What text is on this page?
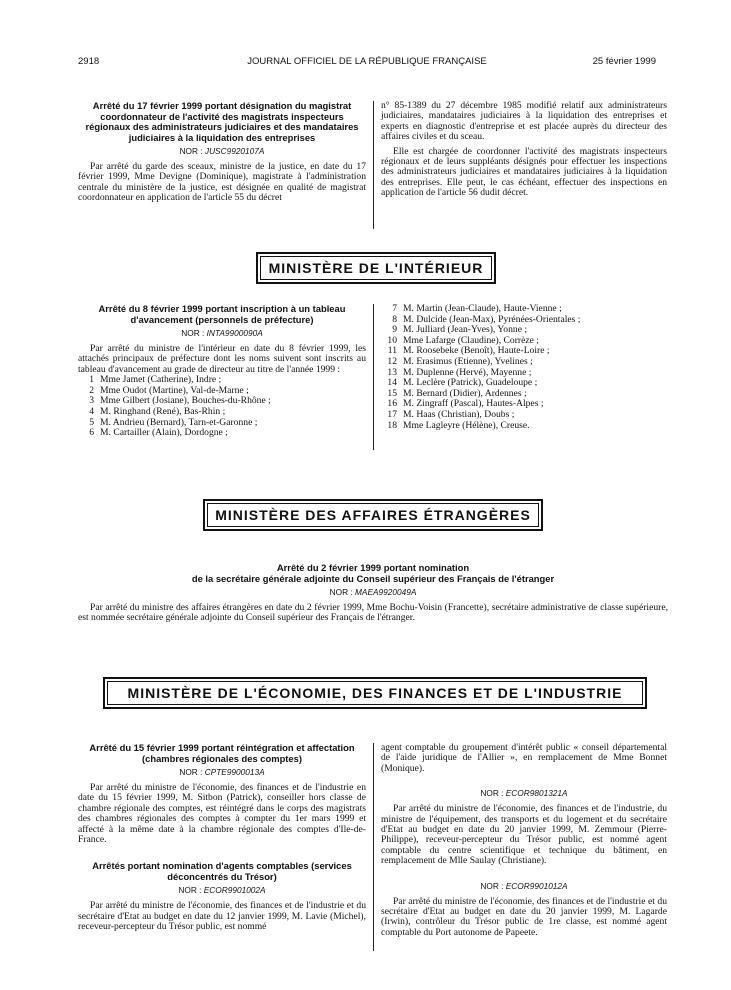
2918	JOURNAL OFFICIEL DE LA RÉPUBLIQUE FRANÇAISE	25 février 1999
Arrêté du 17 février 1999 portant désignation du magistrat coordonnateur de l'activité des magistrats inspecteurs régionaux des administrateurs judiciaires et des mandataires judiciaires à la liquidation des entreprises
NOR : JUSC9920107A

Par arrêté du garde des sceaux, ministre de la justice, en date du 17 février 1999, Mme Devigne (Dominique), magistrate à l'administration centrale du ministère de la justice, est désignée en qualité de magistrat coordonnateur en application de l'article 55 du décret

n° 85-1389 du 27 décembre 1985 modifié relatif aux administrateurs judiciaires, mandataires judiciaires à la liquidation des entreprises et experts en diagnostic d'entreprise et est placée auprès du directeur des affaires civiles et du sceau.

Elle est chargée de coordonner l'activité des magistrats inspecteurs régionaux et de leurs suppléants désignés pour effectuer les inspections des administrateurs judiciaires et mandataires judiciaires à la liquidation des entreprises. Elle peut, le cas échéant, effectuer des inspections en application de l'article 56 dudit décret.

MINISTÈRE DE L'INTÉRIEUR
Arrêté du 8 février 1999 portant inscription à un tableau d'avancement (personnels de préfecture)
NOR : INTA9900090A

Par arrêté du ministre de l'intérieur en date du 8 février 1999, les attachés principaux de préfecture dont les noms suivent sont inscrits au tableau d'avancement au grade de directeur au titre de l'année 1999 :

1 Mme Jamet (Catherine), Indre ;
2 Mme Oudot (Martine), Val-de-Marne ;
3 Mme Gilbert (Josiane), Bouches-du-Rhône ;
4 M. Ringhand (René), Bas-Rhin ;
5 M. Andrieu (Bernard), Tarn-et-Garonne ;
6 M. Cartailler (Alain), Dordogne ;
7 M. Martin (Jean-Claude), Haute-Vienne ;
8 M. Dulcide (Jean-Max), Pyrénées-Orientales ;
9 M. Julliard (Jean-Yves), Yonne ;
10 Mme Lafarge (Claudine), Corrèze ;
11 M. Roosebeke (Benoît), Haute-Loire ;
12 M. Erasimus (Etienne), Yvelines ;
13 M. Duplenne (Hervé), Mayenne ;
14 M. Leclère (Patrick), Guadeloupe ;
15 M. Bernard (Didier), Ardennes ;
16 M. Zingraff (Pascal), Hautes-Alpes ;
17 M. Haas (Christian), Doubs ;
18 Mme Lagleyre (Hélène), Creuse.
MINISTÈRE DES AFFAIRES ÉTRANGÈRES
Arrêté du 2 février 1999 portant nomination
de la secrétaire générale adjointe du Conseil supérieur des Français de l'étranger
NOR : MAEA9920049A

Par arrêté du ministre des affaires étrangères en date du 2 février 1999, Mme Bochu-Voisin (Francette), secrétaire administrative de classe supérieure, est nommée secrétaire générale adjointe du Conseil supérieur des Français de l'étranger.

MINISTÈRE DE L'ÉCONOMIE, DES FINANCES ET DE L'INDUSTRIE
Arrêté du 15 février 1999 portant réintégration et affectation (chambres régionales des comptes)
NOR : CPTE9900013A

Par arrêté du ministre de l'économie, des finances et de l'industrie en date du 15 février 1999, M. Sitbon (Patrick), conseiller hors classe de chambre régionale des comptes, est réintégré dans le corps des magistrats des chambres régionales des comptes à compter du 1er mars 1999 et affecté à la même date à la chambre régionale des comptes d'Ile-de-France.

Arrêtés portant nomination d'agents comptables (services déconcentrés du Trésor)
NOR : ECOR9901002A

Par arrêté du ministre de l'économie, des finances et de l'industrie et du secrétaire d'Etat au budget en date du 12 janvier 1999, M. Lavie (Michel), receveur-percepteur du Trésor public, est nommé

agent comptable du groupement d'intérêt public « conseil départemental de l'aide juridique de l'Allier », en remplacement de Mme Bonnet (Monique).

NOR : ECOR9801321A

Par arrêté du ministre de l'économie, des finances et de l'industrie, du ministre de l'équipement, des transports et du logement et du secrétaire d'Etat au budget en date du 20 janvier 1999, M. Zemmour (Pierre-Philippe), receveur-percepteur du Trésor public, est nommé agent comptable du centre scientifique et technique du bâtiment, en remplacement de Mlle Saulay (Christiane).

NOR : ECOR9901012A

Par arrêté du ministre de l'économie, des finances et de l'industrie et du secrétaire d'Etat au budget en date du 20 janvier 1999, M. Lagarde (Irwin), contrôleur du Trésor public de 1re classe, est nommé agent comptable du Port autonome de Papeete.
